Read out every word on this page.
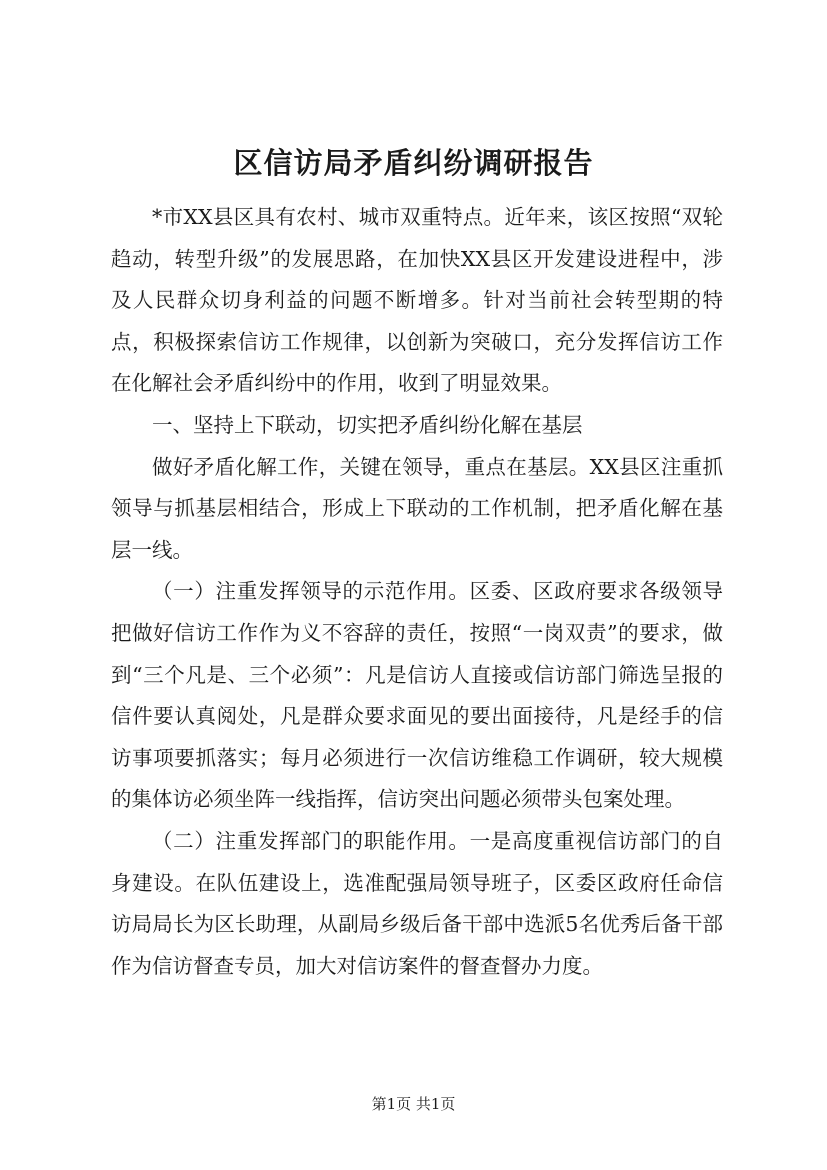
区信访局矛盾纠纷调研报告

*市XX县区具有农村、城市双重特点。近年来，该区按照“双轮趋动，转型升级”的发展思路，在加快XX县区开发建设进程中，涉及人民群众切身利益的问题不断增多。针对当前社会转型期的特点，积极探索信访工作规律，以创新为突破口，充分发挥信访工作在化解社会矛盾纠纷中的作用，收到了明显效果。

一、坚持上下联动，切实把矛盾纠纷化解在基层

做好矛盾化解工作，关键在领导，重点在基层。XX县区注重抓领导与抓基层相结合，形成上下联动的工作机制，把矛盾化解在基层一线。

（一）注重发挥领导的示范作用。区委、区政府要求各级领导把做好信访工作作为义不容辞的责任，按照“一岗双责”的要求，做到“三个凡是、三个必须”：凡是信访人直接或信访部门筛选呈报的信件要认真阅处，凡是群众要求面见的要出面接待，凡是经手的信访事项要抓落实；每月必须进行一次信访维稳工作调研，较大规模的集体访必须坐阵一线指挥，信访突出问题必须带头包案处理。

（二）注重发挥部门的职能作用。一是高度重视信访部门的自身建设。在队伍建设上，选准配强局领导班子，区委区政府任命信访局局长为区长助理，从副局乡级后备干部中选派5名优秀后备干部作为信访督查专员，加大对信访案件的督查督办力度。

第1页 共1页
